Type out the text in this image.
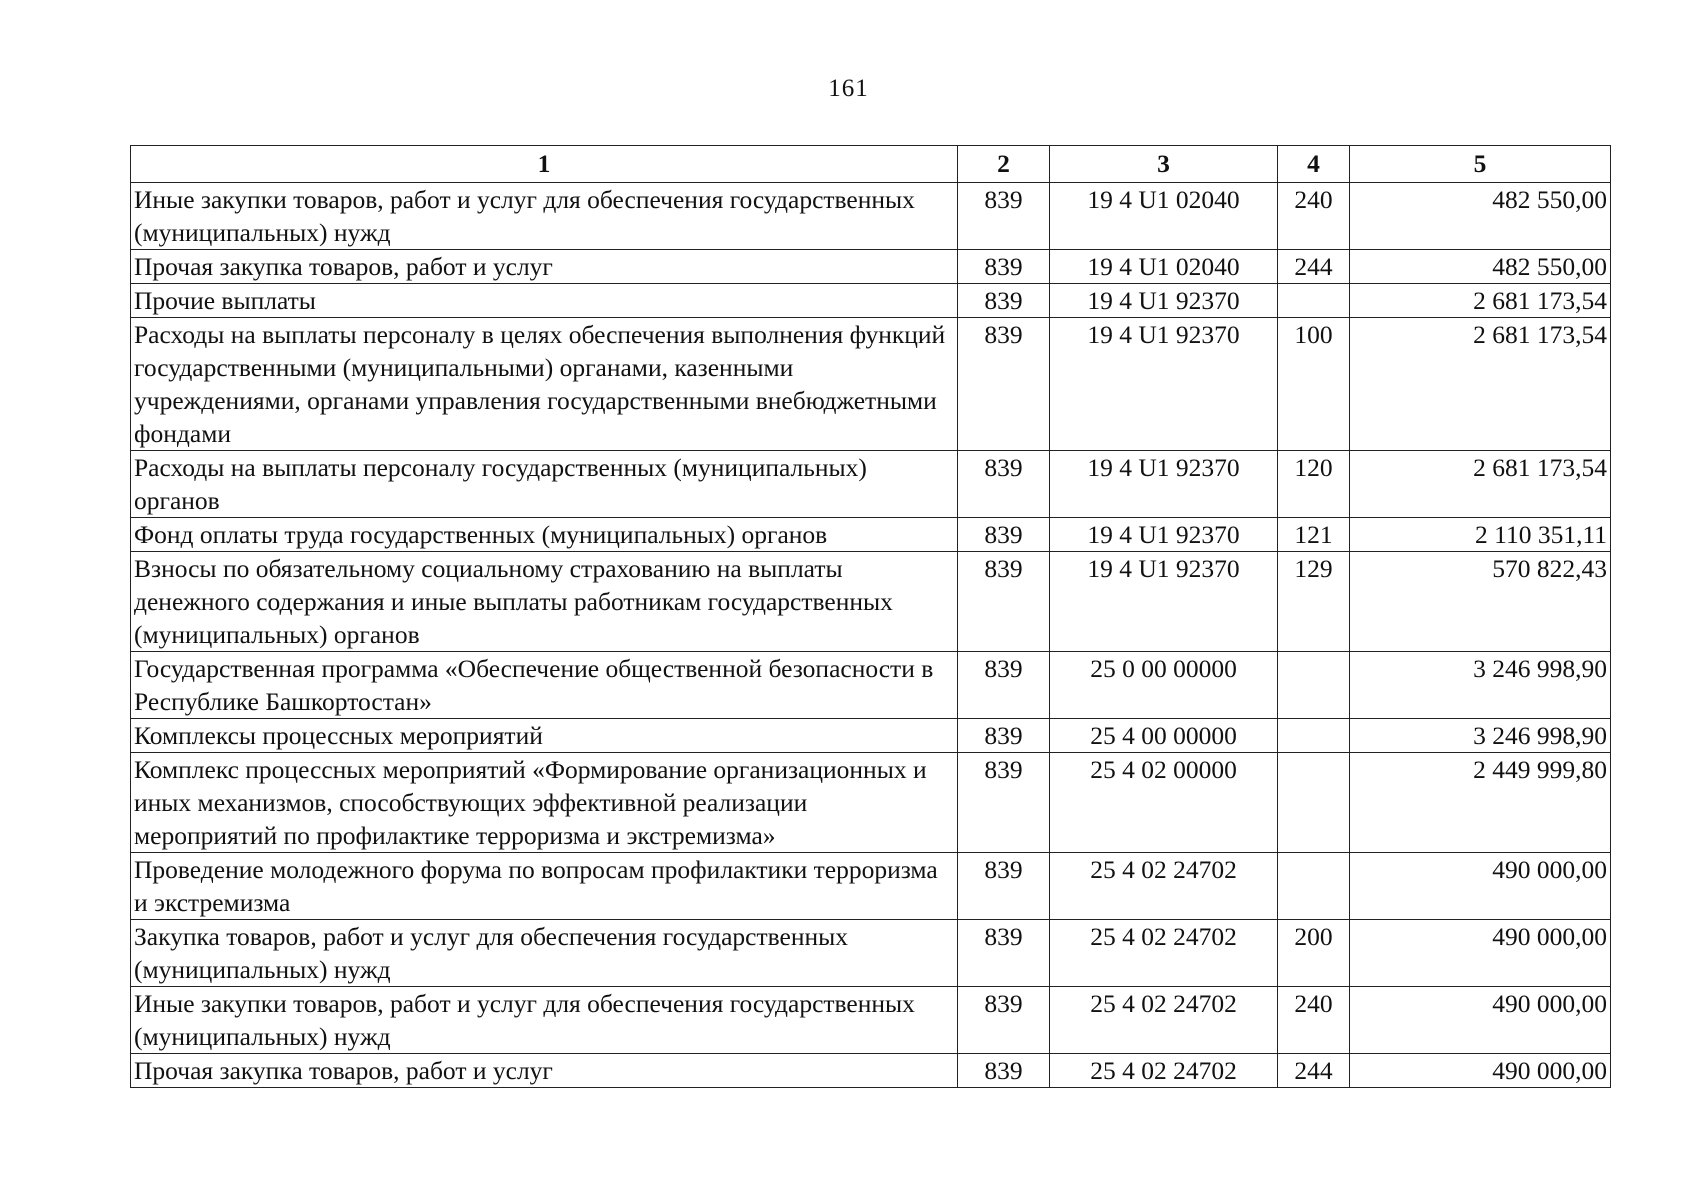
161
1	2	3	4	5
Иные закупки товаров, работ и услуг для обеспечения государственных (муниципальных) нужд	839	19 4 U1 02040	240	482 550,00
Прочая закупка товаров, работ и услуг	839	19 4 U1 02040	244	482 550,00
Прочие выплаты	839	19 4 U1 92370		2 681 173,54
Расходы на выплаты персоналу в целях обеспечения выполнения функций государственными (муниципальными) органами, казенными учреждениями, органами управления государственными внебюджетными фондами	839	19 4 U1 92370	100	2 681 173,54
Расходы на выплаты персоналу государственных (муниципальных) органов	839	19 4 U1 92370	120	2 681 173,54
Фонд оплаты труда государственных (муниципальных) органов	839	19 4 U1 92370	121	2 110 351,11
Взносы по обязательному социальному страхованию на выплаты денежного содержания и иные выплаты работникам государственных (муниципальных) органов	839	19 4 U1 92370	129	570 822,43
Государственная программа «Обеспечение общественной безопасности в Республике Башкортостан»	839	25 0 00 00000		3 246 998,90
Комплексы процессных мероприятий	839	25 4 00 00000		3 246 998,90
Комплекс процессных мероприятий «Формирование организационных и иных механизмов, способствующих эффективной реализации мероприятий по профилактике терроризма и экстремизма»	839	25 4 02 00000		2 449 999,80
Проведение молодежного форума по вопросам профилактики терроризма и экстремизма	839	25 4 02 24702		490 000,00
Закупка товаров, работ и услуг для обеспечения государственных (муниципальных) нужд	839	25 4 02 24702	200	490 000,00
Иные закупки товаров, работ и услуг для обеспечения государственных (муниципальных) нужд	839	25 4 02 24702	240	490 000,00
Прочая закупка товаров, работ и услуг	839	25 4 02 24702	244	490 000,00
